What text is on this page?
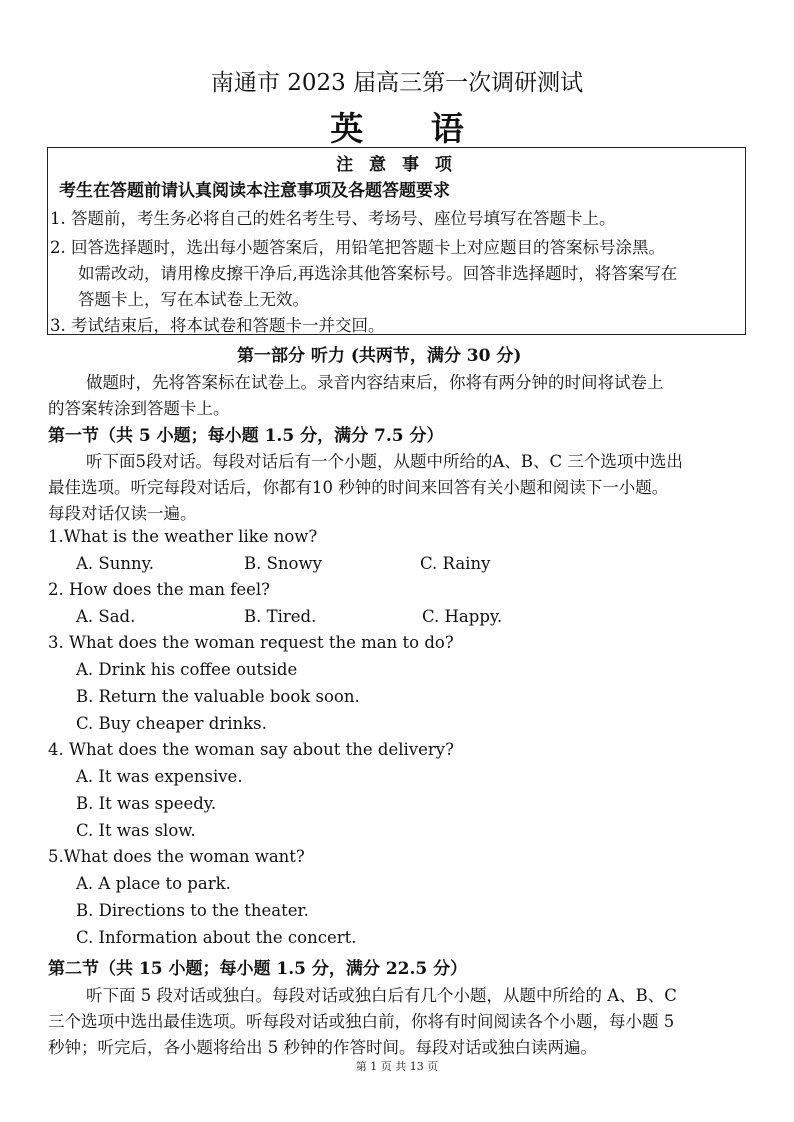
南通市 2023 届高三第一次调研测试
英 语
注 意 事 项
考生在答题前请认真阅读本注意事项及各题答题要求
1. 答题前，考生务必将自己的姓名考生号、考场号、座位号填写在答题卡上。
2. 回答选择题时，选出每小题答案后，用铅笔把答题卡上对应题目的答案标号涂黑。
如需改动，请用橡皮擦干净后,再选涂其他答案标号。回答非选择题时，将答案写在
答题卡上，写在本试卷上无效。
3. 考试结束后，将本试卷和答题卡一并交回。
第一部分 听力 (共两节，满分 30 分)
做题时，先将答案标在试卷上。录音内容结束后，你将有两分钟的时间将试卷上
的答案转涂到答题卡上。
第一节（共 5 小题；每小题 1.5 分，满分 7.5 分）
听下面5段对话。每段对话后有一个小题，从题中所给的A、B、C 三个选项中选出
最佳选项。听完每段对话后，你都有10 秒钟的时间来回答有关小题和阅读下一小题。
每段对话仅读一遍。
1.What is the weather like now?
A. Sunny.	B. Snowy	C. Rainy
2. How does the man feel?
A. Sad.	B. Tired.	C. Happy.
3. What does the woman request the man to do?
A. Drink his coffee outside
B. Return the valuable book soon.
C. Buy cheaper drinks.
4. What does the woman say about the delivery?
A. It was expensive.
B. It was speedy.
C. It was slow.
5.What does the woman want?
A. A place to park.
B. Directions to the theater.
C. Information about the concert.
第二节（共 15 小题；每小题 1.5 分，满分 22.5 分）
听下面 5 段对话或独白。每段对话或独白后有几个小题，从题中所给的 A、B、C
三个选项中选出最佳选项。听每段对话或独白前，你将有时间阅读各个小题，每小题 5
秒钟；听完后，各小题将给出 5 秒钟的作答时间。每段对话或独白读两遍。
第 1 页 共 13 页
